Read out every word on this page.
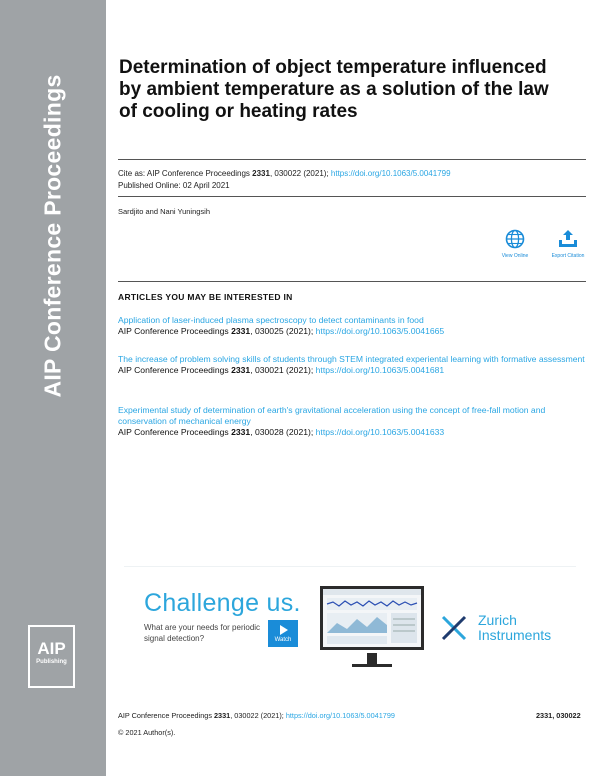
AIP Conference Proceedings
AIP
Publishing
Determination of object temperature influenced by ambient temperature as a solution of the law of cooling or heating rates
Cite as: AIP Conference Proceedings 2331, 030022 (2021); https://doi.org/10.1063/5.0041799
Published Online: 02 April 2021
Sardjito and Nani Yuningsih
View Online	Export Citation
ARTICLES YOU MAY BE INTERESTED IN
Application of laser-induced plasma spectroscopy to detect contaminants in food
AIP Conference Proceedings 2331, 030025 (2021); https://doi.org/10.1063/5.0041665
The increase of problem solving skills of students through STEM integrated experiental learning with formative assessment
AIP Conference Proceedings 2331, 030021 (2021); https://doi.org/10.1063/5.0041681
Experimental study of determination of earth's gravitational acceleration using the concept of free-fall motion and conservation of mechanical energy
AIP Conference Proceedings 2331, 030028 (2021); https://doi.org/10.1063/5.0041633
Challenge us.
What are your needs for periodic signal detection?	Watch
Zurich
Instruments
AIP Conference Proceedings 2331, 030022 (2021); https://doi.org/10.1063/5.0041799	2331, 030022
© 2021 Author(s).
